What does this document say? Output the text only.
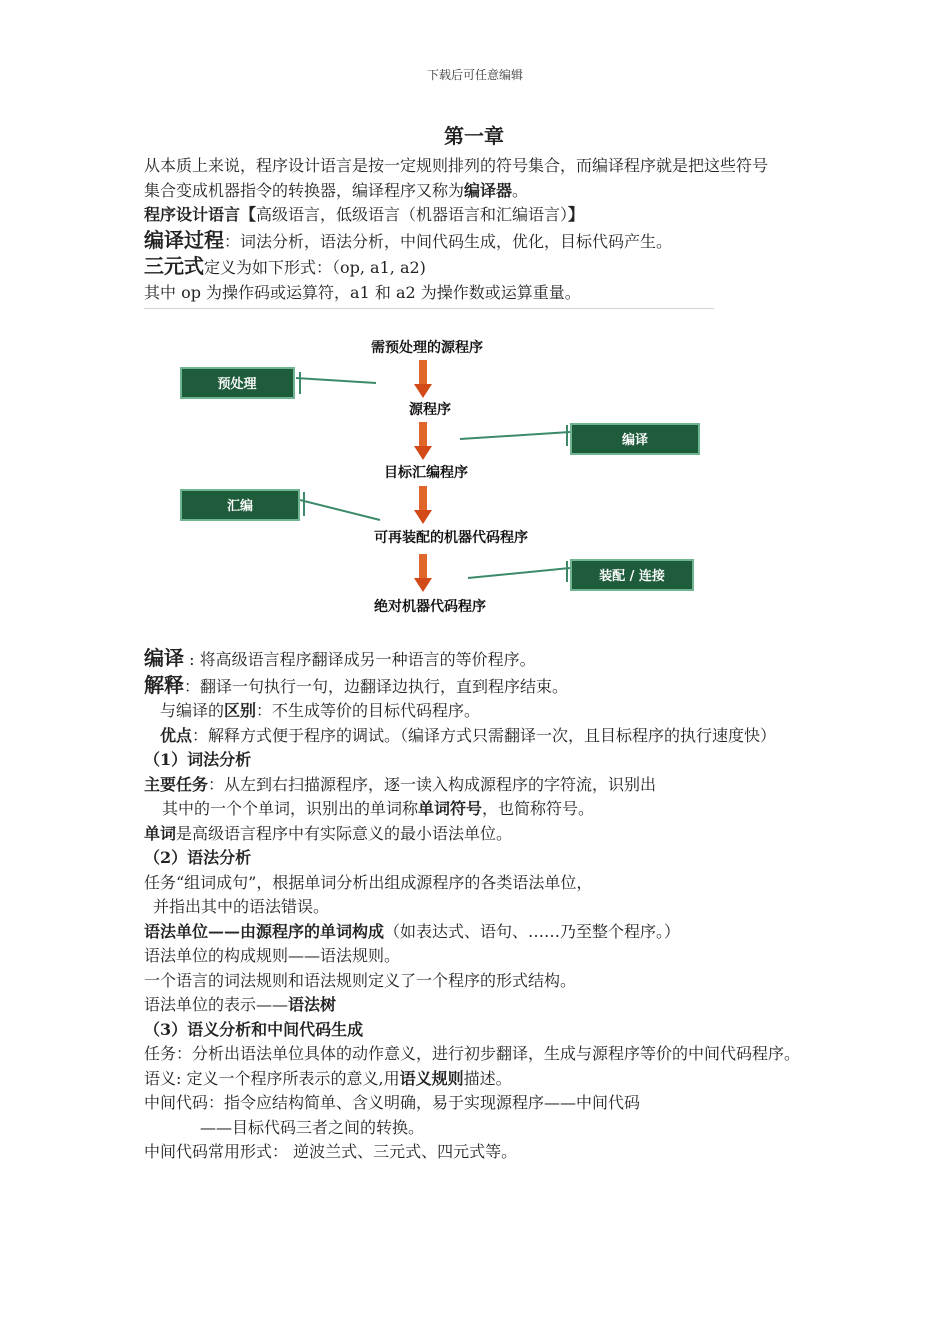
下载后可任意编辑
第一章
从本质上来说，程序设计语言是按一定规则排列的符号集合，而编译程序就是把这些符号
集合变成机器指令的转换器，编译程序又称为编译器。
程序设计语言【高级语言，低级语言（机器语言和汇编语言）】
编译过程：词法分析，语法分析，中间代码生成，优化，目标代码产生。
三元式定义为如下形式：（op, a1, a2)
其中 op 为操作码或运算符，a1 和 a2 为操作数或运算重量。
需预处理的源程序
源程序
目标汇编程序
可再装配的机器代码程序
绝对机器代码程序
预处理
编译
汇编
装配 / 连接
编译 : 将高级语言程序翻译成另一种语言的等价程序。
解释：翻译一句执行一句，边翻译边执行，直到程序结束。
与编译的区别：不生成等价的目标代码程序。
优点：解释方式便于程序的调试。（编译方式只需翻译一次，且目标程序的执行速度快）
（1）词法分析
主要任务：从左到右扫描源程序，逐一读入构成源程序的字符流，识别出
其中的一个个单词，识别出的单词称单词符号，也简称符号。
单词是高级语言程序中有实际意义的最小语法单位。
（2）语法分析
任务“组词成句”，根据单词分析出组成源程序的各类语法单位，
并指出其中的语法错误。
语法单位——由源程序的单词构成（如表达式、语句、……乃至整个程序。）
语法单位的构成规则——语法规则。
一个语言的词法规则和语法规则定义了一个程序的形式结构。
语法单位的表示——语法树
（3）语义分析和中间代码生成
任务：分析出语法单位具体的动作意义，进行初步翻译，生成与源程序等价的中间代码程序。
语义: 定义一个程序所表示的意义,用语义规则描述。
中间代码：指令应结构简单、含义明确，易于实现源程序——中间代码
——目标代码三者之间的转换。
中间代码常用形式： 逆波兰式、三元式、四元式等。
